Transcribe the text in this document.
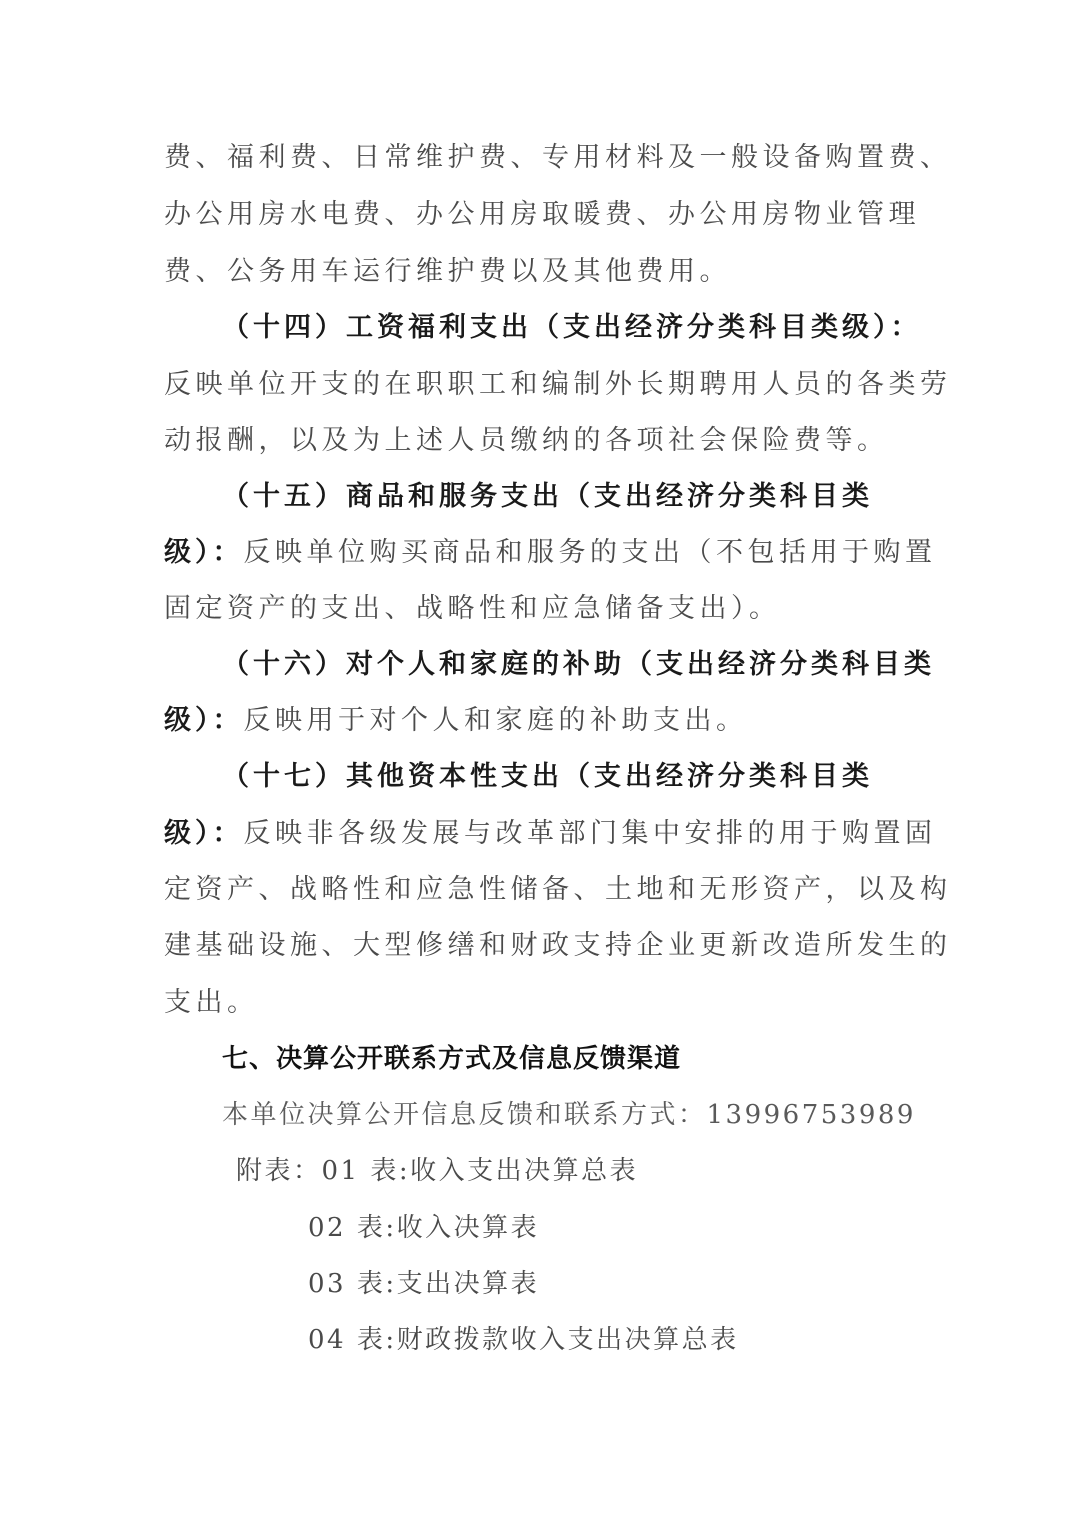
费、福利费、日常维护费、专用材料及一般设备购置费、
办公用房水电费、办公用房取暖费、办公用房物业管理
费、公务用车运行维护费以及其他费用。
（十四）工资福利支出（支出经济分类科目类级）：
反映单位开支的在职职工和编制外长期聘用人员的各类劳
动报酬，以及为上述人员缴纳的各项社会保险费等。
（十五）商品和服务支出（支出经济分类科目类
级）：反映单位购买商品和服务的支出（不包括用于购置
固定资产的支出、战略性和应急储备支出）。
（十六）对个人和家庭的补助（支出经济分类科目类
级）：反映用于对个人和家庭的补助支出。
（十七）其他资本性支出（支出经济分类科目类
级）：反映非各级发展与改革部门集中安排的用于购置固
定资产、战略性和应急性储备、土地和无形资产，以及构
建基础设施、大型修缮和财政支持企业更新改造所发生的
支出。
七、决算公开联系方式及信息反馈渠道
本单位决算公开信息反馈和联系方式：13996753989
附表：01 表:收入支出决算总表
02 表:收入决算表
03 表:支出决算表
04 表:财政拨款收入支出决算总表
